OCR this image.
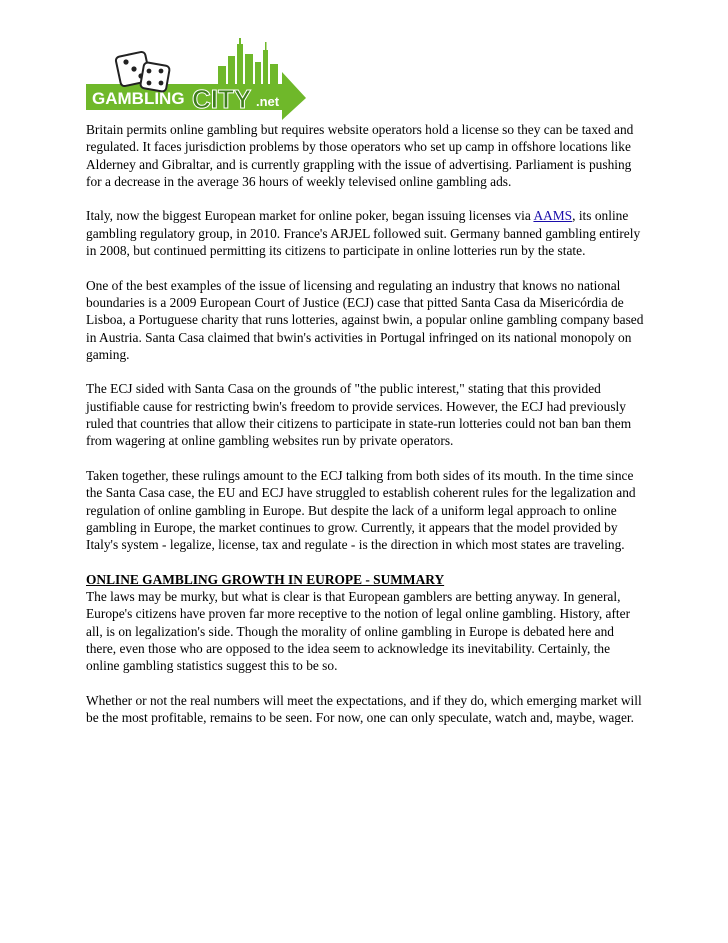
GAMBLING CITY .net

Britain permits online gambling but requires website operators hold a license so they can be taxed and regulated. It faces jurisdiction problems by those operators who set up camp in offshore locations like Alderney and Gibraltar, and is currently grappling with the issue of advertising. Parliament is pushing for a decrease in the average 36 hours of weekly televised online gambling ads.

Italy, now the biggest European market for online poker, began issuing licenses via AAMS, its online gambling regulatory group, in 2010. France's ARJEL followed suit. Germany banned gambling entirely in 2008, but continued permitting its citizens to participate in online lotteries run by the state.

One of the best examples of the issue of licensing and regulating an industry that knows no national boundaries is a 2009 European Court of Justice (ECJ) case that pitted Santa Casa da Misericórdia de Lisboa, a Portuguese charity that runs lotteries, against bwin, a popular online gambling company based in Austria. Santa Casa claimed that bwin's activities in Portugal infringed on its national monopoly on gaming.

The ECJ sided with Santa Casa on the grounds of "the public interest," stating that this provided justifiable cause for restricting bwin's freedom to provide services. However, the ECJ had previously ruled that countries that allow their citizens to participate in state-run lotteries could not ban ban them from wagering at online gambling websites run by private operators.

Taken together, these rulings amount to the ECJ talking from both sides of its mouth. In the time since the Santa Casa case, the EU and ECJ have struggled to establish coherent rules for the legalization and regulation of online gambling in Europe. But despite the lack of a uniform legal approach to online gambling in Europe, the market continues to grow. Currently, it appears that the model provided by Italy's system - legalize, license, tax and regulate - is the direction in which most states are traveling.

ONLINE GAMBLING GROWTH IN EUROPE - SUMMARY
The laws may be murky, but what is clear is that European gamblers are betting anyway. In general, Europe's citizens have proven far more receptive to the notion of legal online gambling. History, after all, is on legalization's side. Though the morality of online gambling in Europe is debated here and there, even those who are opposed to the idea seem to acknowledge its inevitability. Certainly, the online gambling statistics suggest this to be so.

Whether or not the real numbers will meet the expectations, and if they do, which emerging market will be the most profitable, remains to be seen. For now, one can only speculate, watch and, maybe, wager.
